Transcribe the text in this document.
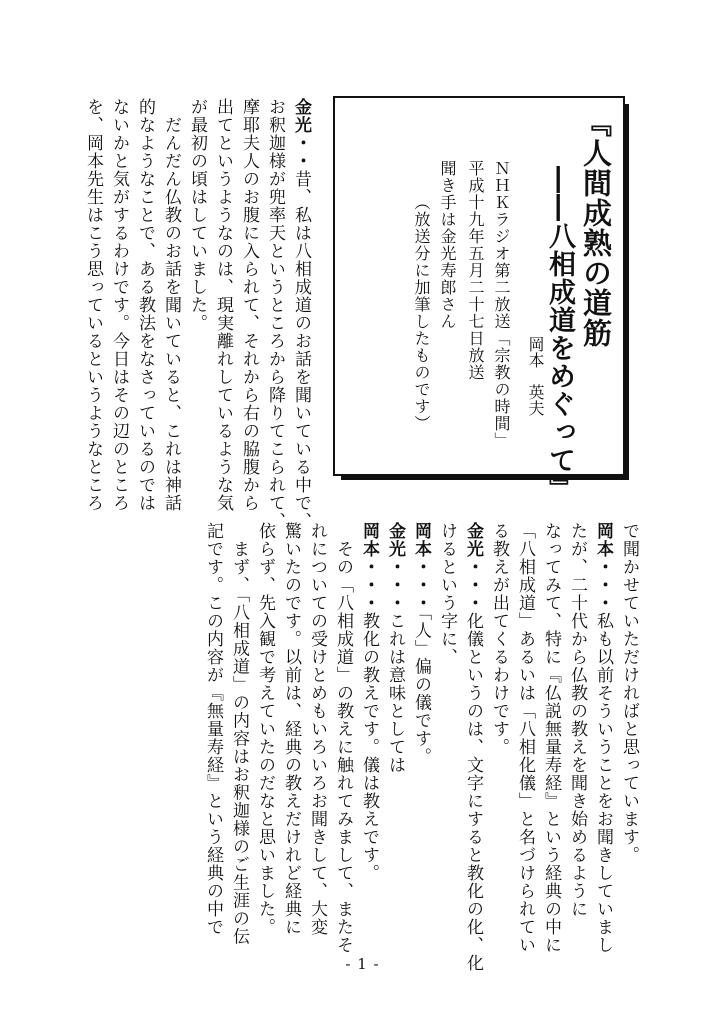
『人間成熟の道筋
――八相成道をめぐって』
岡本　英夫
ＮＨＫラジオ第二放送「宗教の時間」
平成十九年五月二十七日放送
聞き手は金光寿郎さん
（放送分に加筆したものです）

金光・・昔、私は八相成道のお話を聞いている中で、

お釈迦様が兜率天というところから降りてこられて、

摩耶夫人のお腹に入られて、それから右の脇腹から

出てというようなのは、現実離れしているような気

が最初の頃はしていました。

　だんだん仏教のお話を聞いていると、これは神話

的なようなことで、ある教法をなさっているのでは

ないかと気がするわけです。今日はその辺のところ

を、岡本先生はこう思っているというようなところ

で聞かせていただければと思っています。

岡本・・・私も以前そういうことをお聞きしていまし

たが、二十代から仏教の教えを聞き始めるように

なってみて、特に『仏説無量寿経』という経典の中に

「八相成道」あるいは「八相化儀」と名づけられてい

る教えが出てくるわけです。

金光・・・化儀というのは、文字にすると教化の化、化

けるという字に、

岡本・・・「人」偏の儀です。

金光・・・これは意味としては

岡本・・・教化の教えです。儀は教えです。

　その「八相成道」の教えに触れてみまして、またそ

れについての受けとめもいろいろお聞きして、大変

驚いたのです。以前は、経典の教えだけれど経典に

依らず、先入観で考えていたのだなと思いました。

　まず、「八相成道」の内容はお釈迦様のご生涯の伝

記です。この内容が『無量寿経』という経典の中で

- 1 -
